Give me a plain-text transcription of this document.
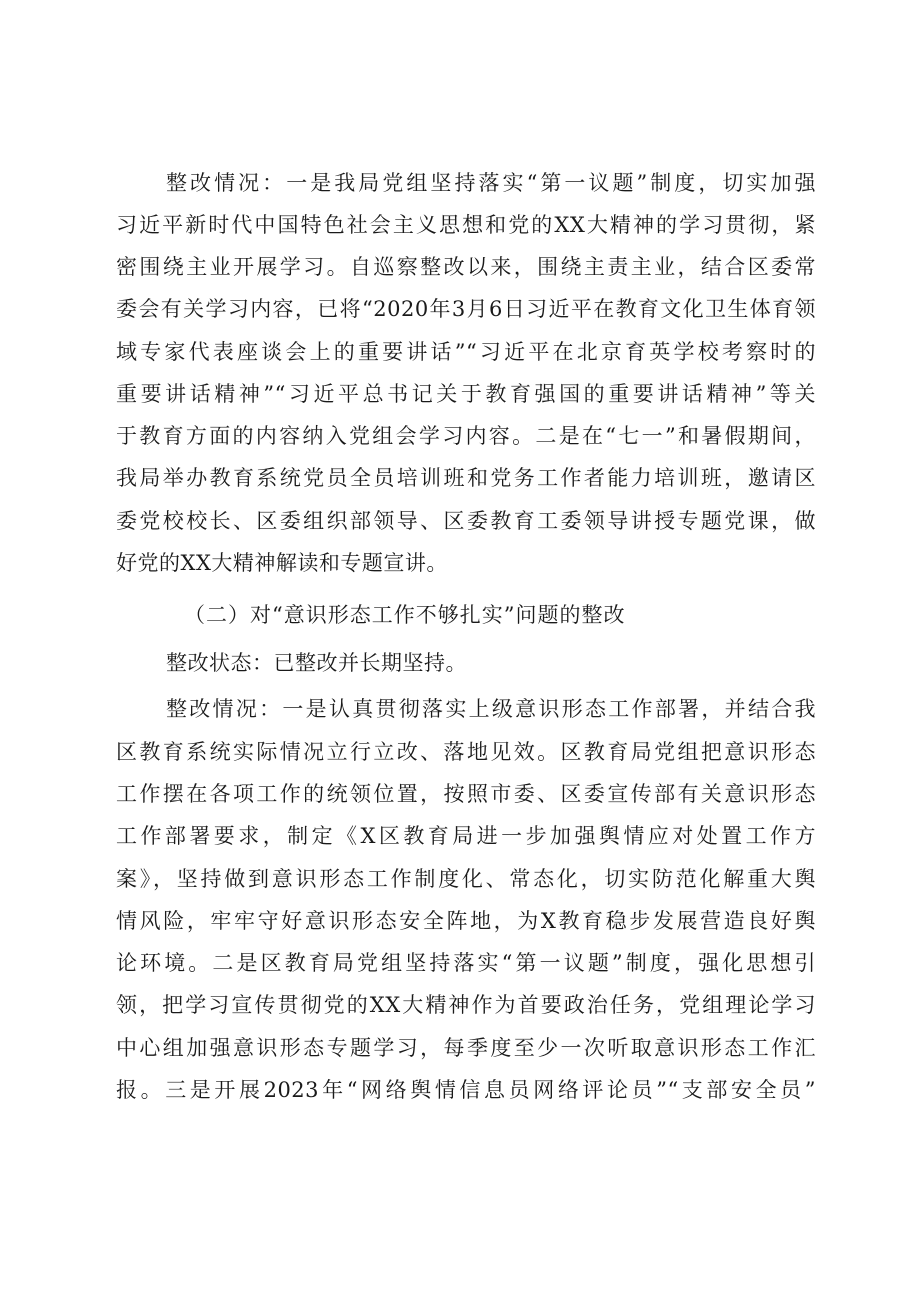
整改情况：一是我局党组坚持落实“第一议题”制度，切实加强
习近平新时代中国特色社会主义思想和党的XX大精神的学习贯彻，紧
密围绕主业开展学习。自巡察整改以来，围绕主责主业，结合区委常
委会有关学习内容，已将“2020年3月6日习近平在教育文化卫生体育领
域专家代表座谈会上的重要讲话”“习近平在北京育英学校考察时的
重要讲话精神”“习近平总书记关于教育强国的重要讲话精神”等关
于教育方面的内容纳入党组会学习内容。二是在“七一”和暑假期间，
我局举办教育系统党员全员培训班和党务工作者能力培训班，邀请区
委党校校长、区委组织部领导、区委教育工委领导讲授专题党课，做
好党的XX大精神解读和专题宣讲。
（二）对“意识形态工作不够扎实”问题的整改
整改状态：已整改并长期坚持。
整改情况：一是认真贯彻落实上级意识形态工作部署，并结合我
区教育系统实际情况立行立改、落地见效。区教育局党组把意识形态
工作摆在各项工作的统领位置，按照市委、区委宣传部有关意识形态
工作部署要求，制定《X区教育局进一步加强舆情应对处置工作方
案》，坚持做到意识形态工作制度化、常态化，切实防范化解重大舆
情风险，牢牢守好意识形态安全阵地，为X教育稳步发展营造良好舆
论环境。二是区教育局党组坚持落实“第一议题”制度，强化思想引
领，把学习宣传贯彻党的XX大精神作为首要政治任务，党组理论学习
中心组加强意识形态专题学习，每季度至少一次听取意识形态工作汇
报。三是开展2023年“网络舆情信息员网络评论员”“支部安全员”
